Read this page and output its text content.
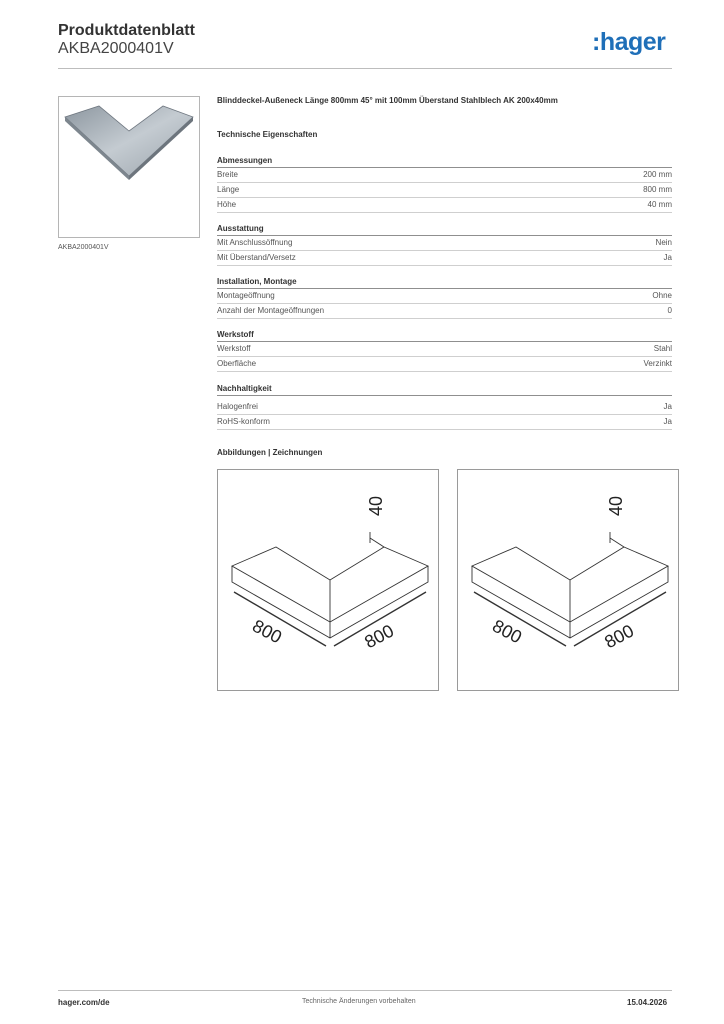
Produktdatenblatt
AKBA2000401V	:hager
AKBA2000401V
Blinddeckel-Außeneck Länge 800mm 45° mit 100mm Überstand Stahlblech AK 200x40mm
Technische Eigenschaften
Abmessungen
Breite	200 mm
Länge	800 mm
Höhe	40 mm
Ausstattung
Mit Anschlussöffnung	Nein
Mit Überstand/Versetz	Ja
Installation, Montage
Montageöffnung	Ohne
Anzahl der Montageöffnungen	0
Werkstoff
Werkstoff	Stahl
Oberfläche	Verzinkt
Nachhaltigkeit
Halogenfrei	Ja
RoHS-konform	Ja
Abbildungen | Zeichnungen
40
800	800
40
800	800
hager.com/de	Technische Änderungen vorbehalten	15.04.2026
